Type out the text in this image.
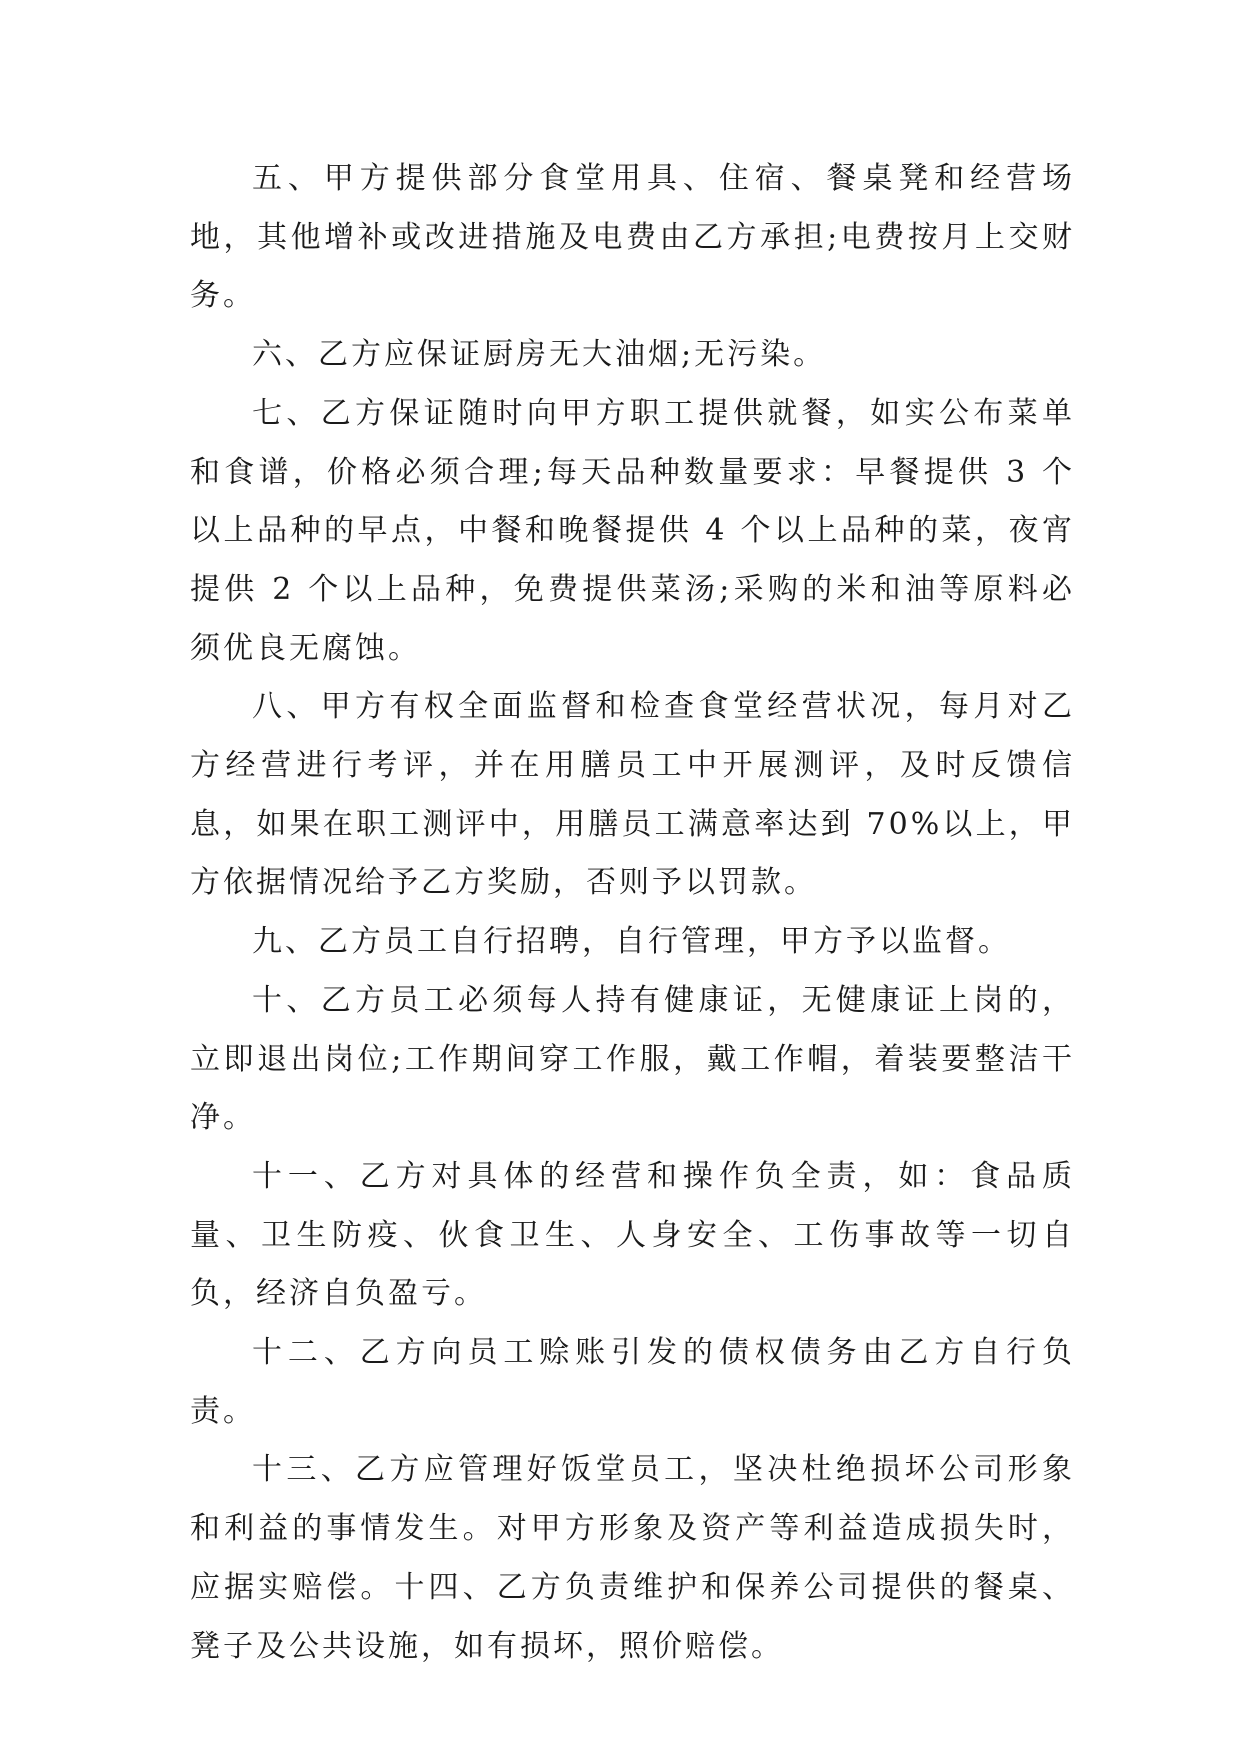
五、甲方提供部分食堂用具、住宿、餐桌凳和经营场地，其他增补或改进措施及电费由乙方承担;电费按月上交财务。

六、乙方应保证厨房无大油烟;无污染。

七、乙方保证随时向甲方职工提供就餐，如实公布菜单和食谱，价格必须合理;每天品种数量要求：早餐提供 3 个以上品种的早点，中餐和晚餐提供 4 个以上品种的菜，夜宵提供 2 个以上品种，免费提供菜汤;采购的米和油等原料必须优良无腐蚀。

八、甲方有权全面监督和检查食堂经营状况，每月对乙方经营进行考评，并在用膳员工中开展测评，及时反馈信息，如果在职工测评中，用膳员工满意率达到 70%以上，甲方依据情况给予乙方奖励，否则予以罚款。

九、乙方员工自行招聘，自行管理，甲方予以监督。

十、乙方员工必须每人持有健康证，无健康证上岗的，立即退出岗位;工作期间穿工作服，戴工作帽，着装要整洁干净。

十一、乙方对具体的经营和操作负全责，如：食品质量、卫生防疫、伙食卫生、人身安全、工伤事故等一切自负，经济自负盈亏。

十二、乙方向员工赊账引发的债权债务由乙方自行负责。

十三、乙方应管理好饭堂员工，坚决杜绝损坏公司形象和利益的事情发生。对甲方形象及资产等利益造成损失时，应据实赔偿。十四、乙方负责维护和保养公司提供的餐桌、凳子及公共设施，如有损坏，照价赔偿。
